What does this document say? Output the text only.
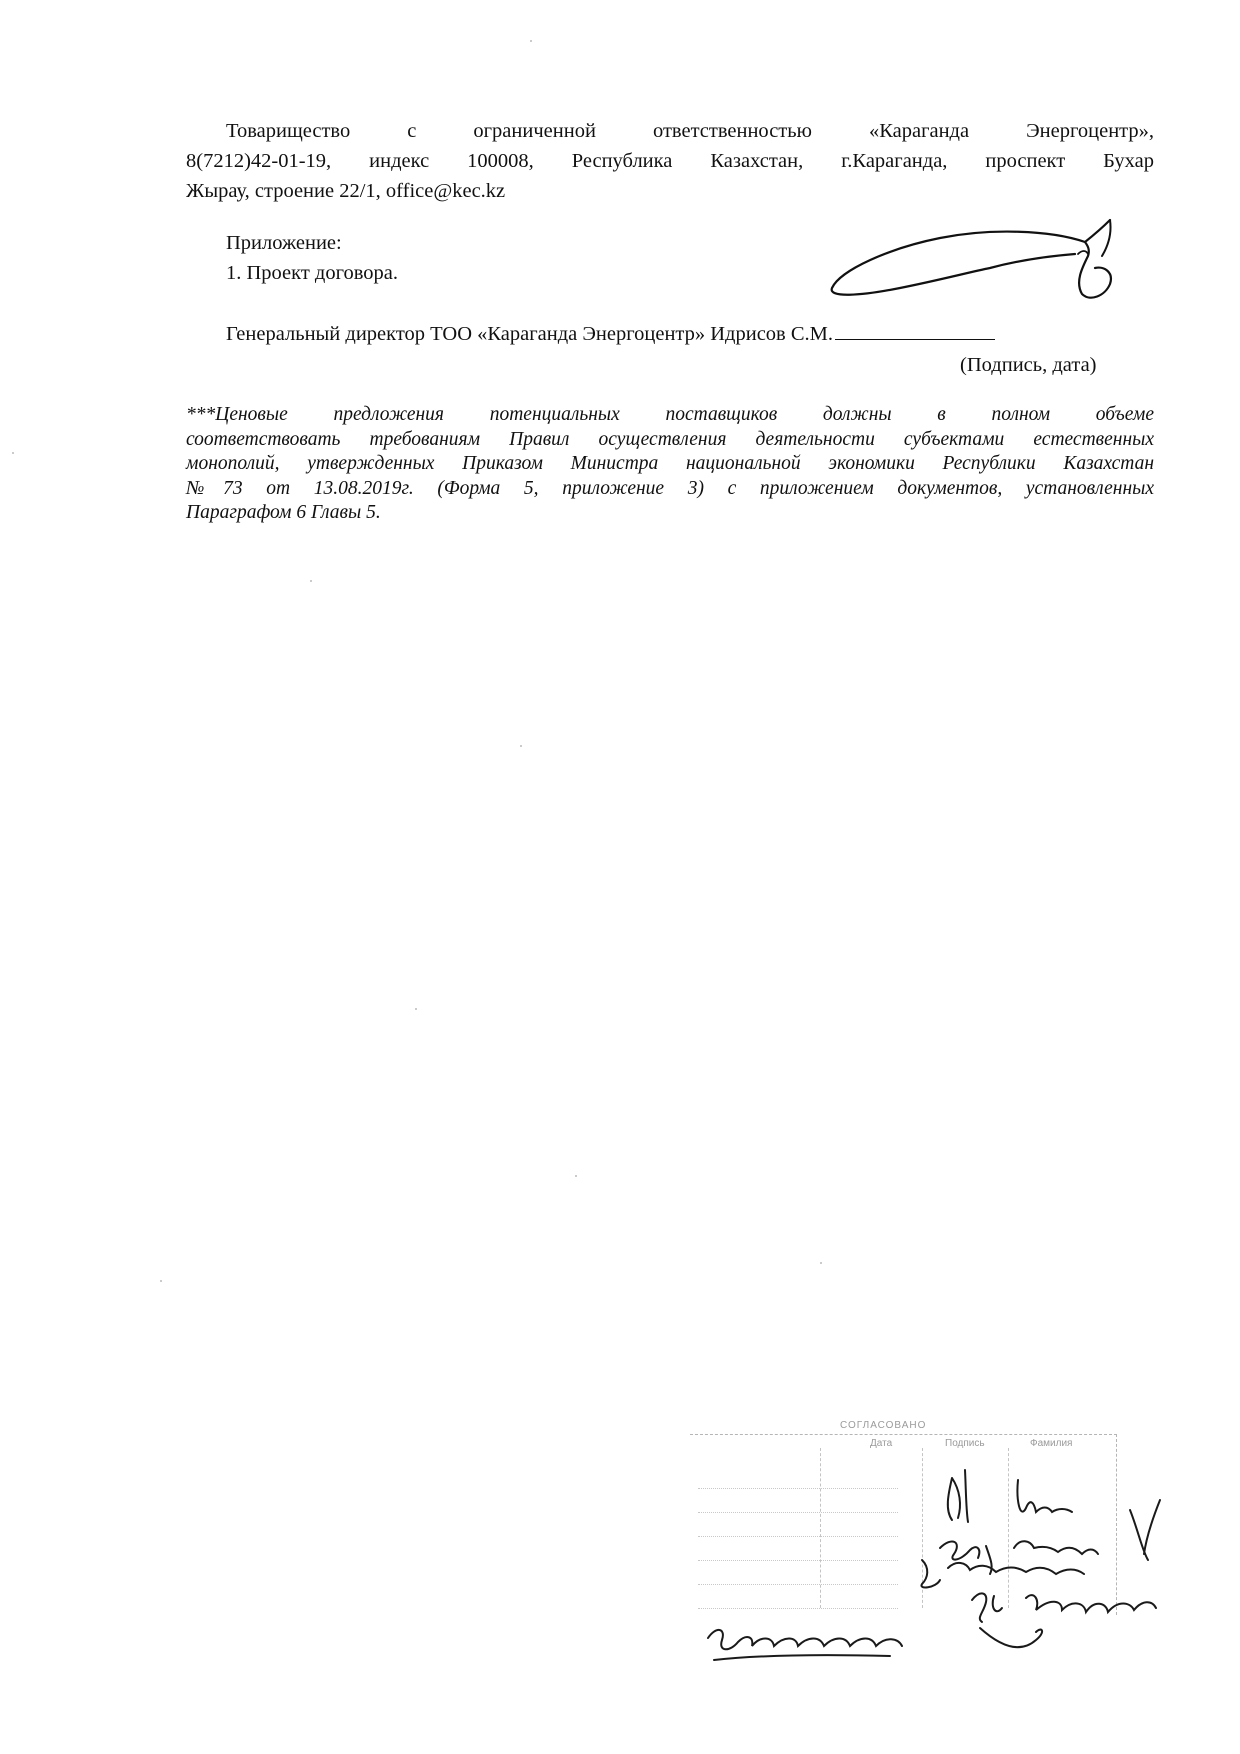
Товарищество с ограниченной ответственностью «Караганда Энергоцентр»,
8(7212)42-01-19, индекс 100008, Республика Казахстан, г.Караганда, проспект Бухар
Жырау, строение 22/1, office@kec.kz
Приложение:
1. Проект договора.
Генеральный директор ТОО «Караганда Энергоцентр» Идрисов С.М.
(Подпись, дата)
***Ценовые предложения потенциальных поставщиков должны в полном объеме
соответствовать требованиям Правил осуществления деятельности субъектами естественных
монополий, утвержденных Приказом Министра национальной экономики Республики Казахстан
№73 от 13.08.2019г. (Форма 5, приложение 3) с приложением документов, установленных
Параграфом 6 Главы 5.
СОГЛАСОВАНО
Дата	Подпись	Фамилия
